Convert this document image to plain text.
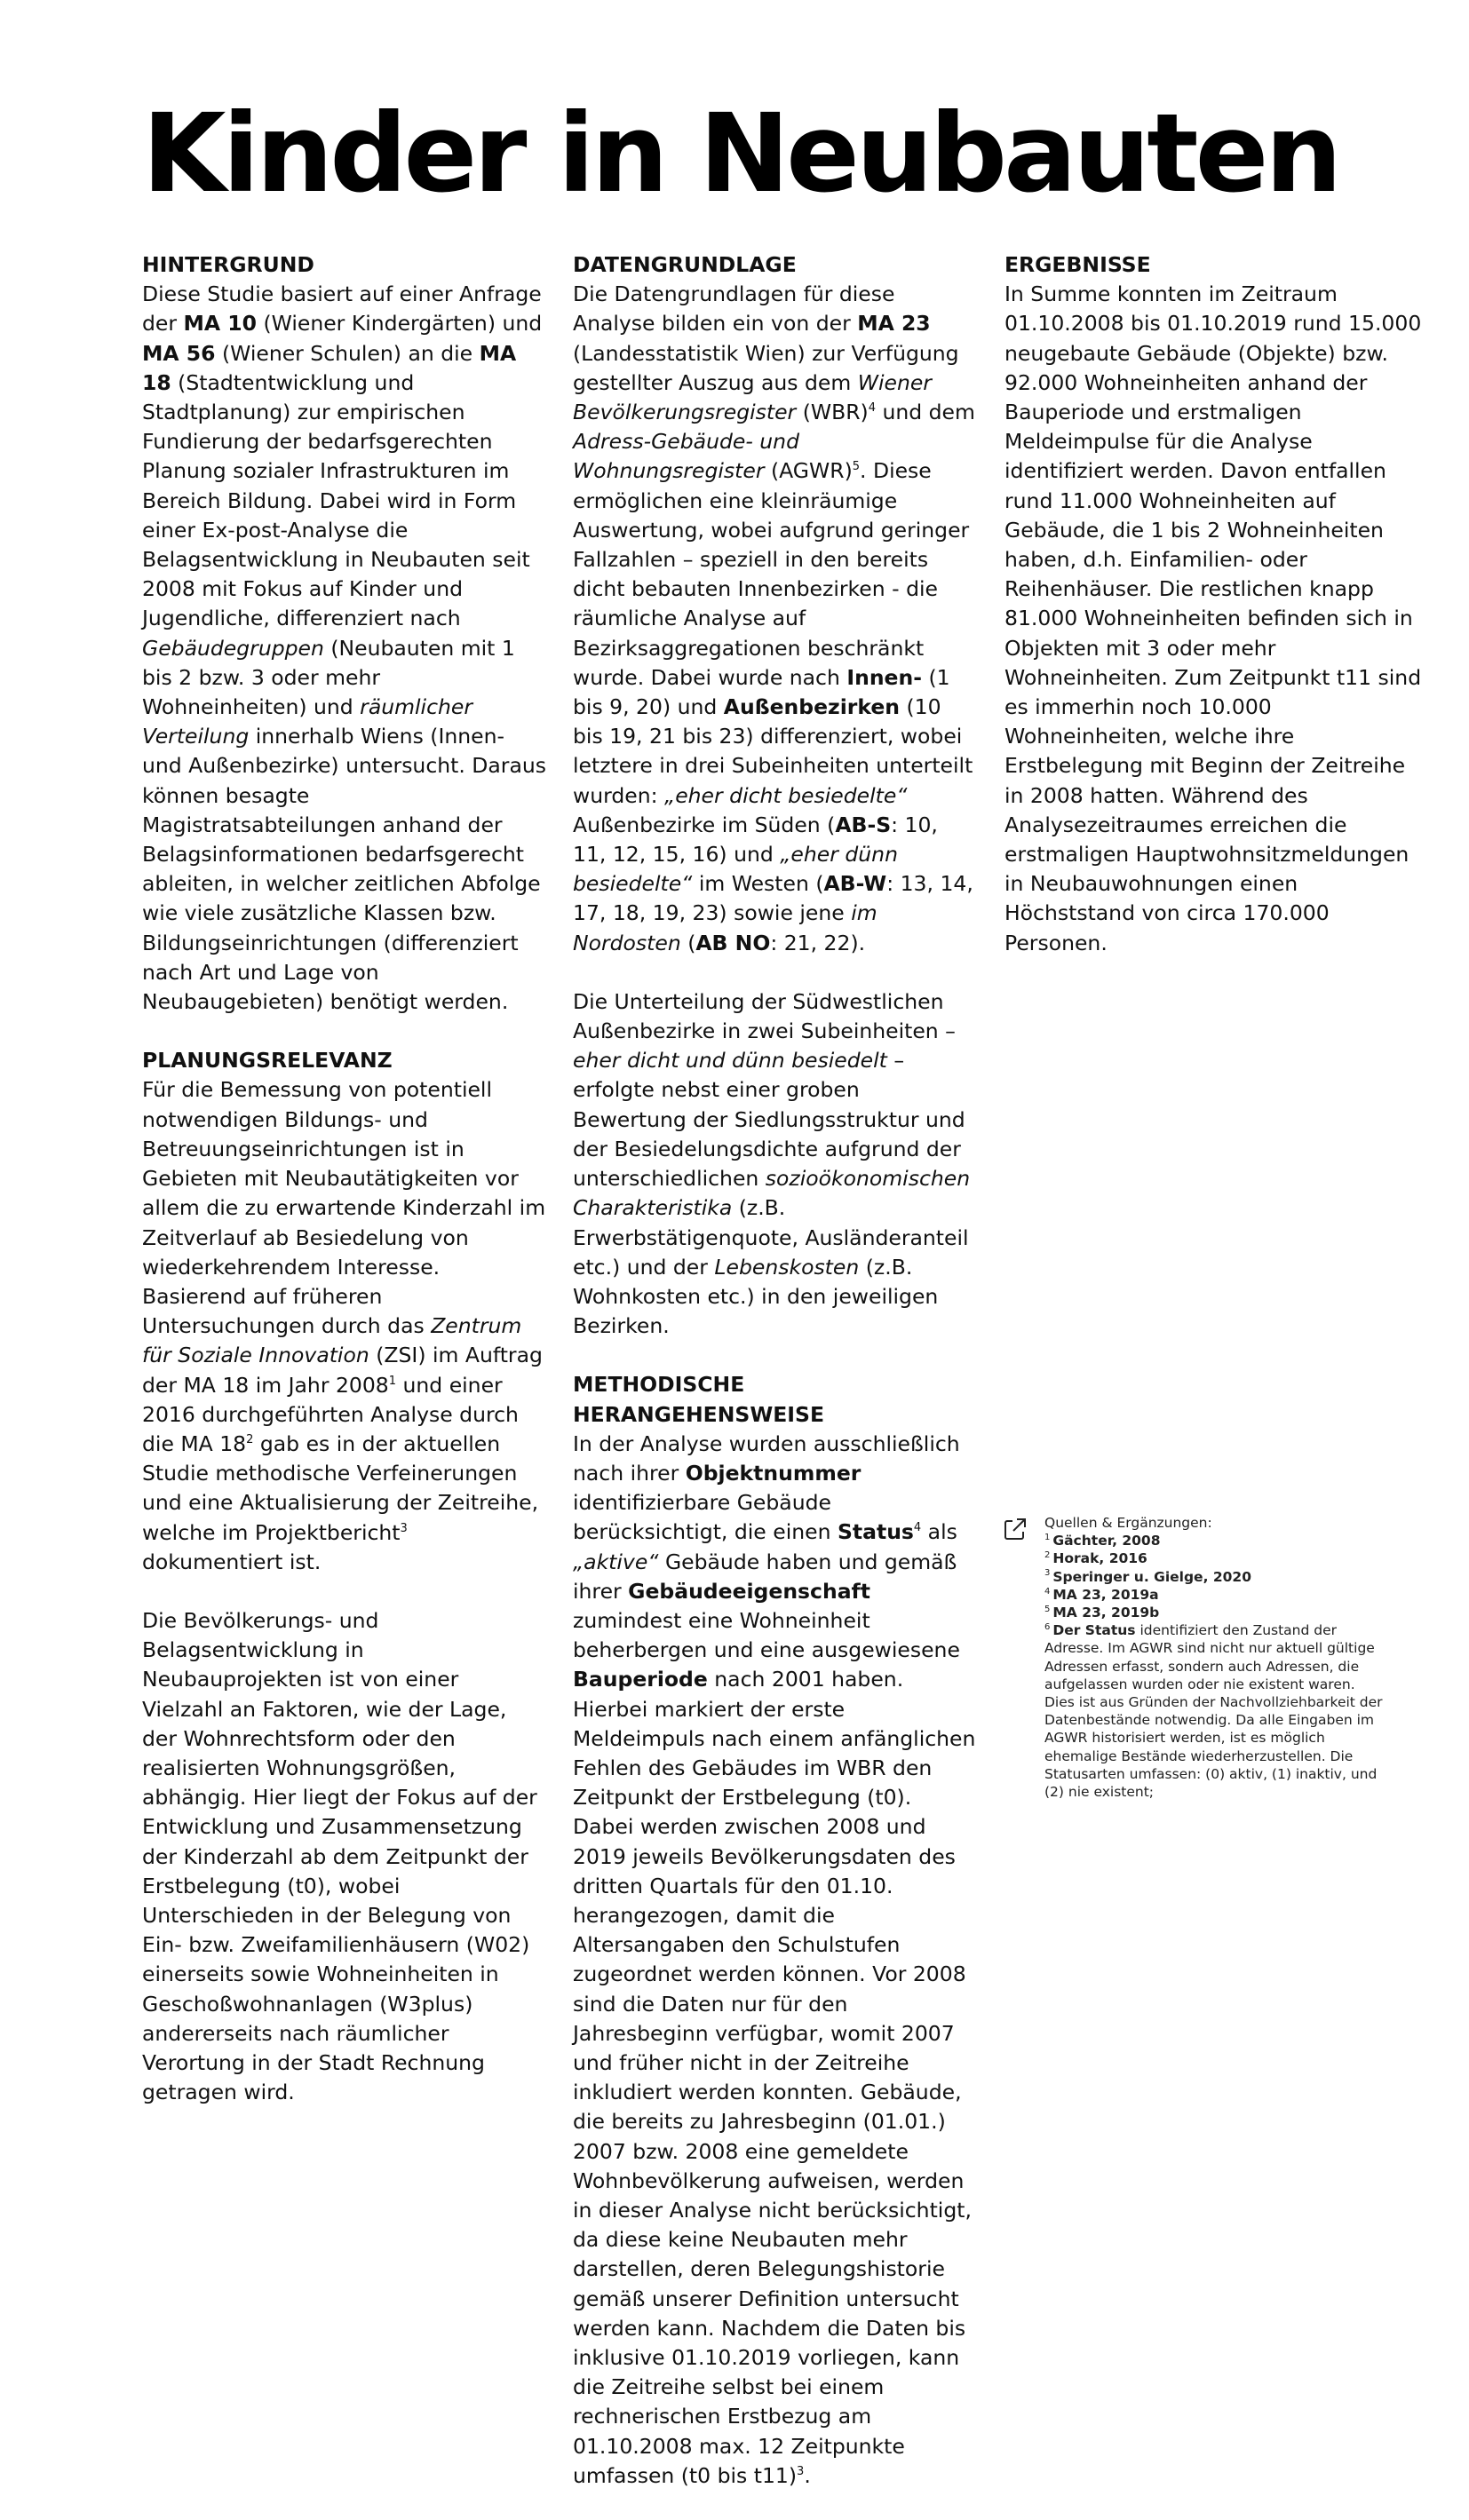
Kinder in Neubauten
HINTERGRUND

Diese Studie basiert auf einer Anfrage der MA 10 (Wiener Kindergärten) und MA 56 (Wiener Schulen) an die MA 18 (Stadtentwicklung und Stadtplanung) zur empirischen Fundierung der bedarfsgerechten Planung sozialer Infrastrukturen im Bereich Bildung. Dabei wird in Form einer Ex-post-Analyse die Belagsentwicklung in Neubauten seit 2008 mit Fokus auf Kinder und Jugendliche, differenziert nach Gebäudegruppen (Neubauten mit 1 bis 2 bzw. 3 oder mehr Wohneinheiten) und räumlicher Verteilung innerhalb Wiens (Innen- und Außenbezirke) untersucht. Daraus können besagte Magistratsabteilungen anhand der Belagsinformationen bedarfsgerecht ableiten, in welcher zeitlichen Abfolge wie viele zusätzliche Klassen bzw. Bildungseinrichtungen (differenziert nach Art und Lage von Neubaugebieten) benötigt werden.

PLANUNGSRELEVANZ

Für die Bemessung von potentiell notwendigen Bildungs- und Betreuungseinrichtungen ist in Gebieten mit Neubautätigkeiten vor allem die zu erwartende Kinderzahl im Zeitverlauf ab Besiedelung von wiederkehrendem Interesse. Basierend auf früheren Untersuchungen durch das Zentrum für Soziale Innovation (ZSI) im Auftrag der MA 18 im Jahr 2008$^1$ und einer 2016 durchgeführten Analyse durch die MA $18^2$ gab es in der aktuellen Studie methodische Verfeinerungen und eine Aktualisierung der Zeitreihe, welche im Projektbericht$^3$ dokumentiert ist.

Die Bevölkerungs- und Belagsentwicklung in Neubauprojekten ist von einer Vielzahl an Faktoren, wie der Lage, der Wohnrechtsform oder den realisierten Wohnungsgrößen, abhängig. Hier liegt der Fokus auf der Entwicklung und Zusammensetzung der Kinderzahl ab dem Zeitpunkt der Erstbelegung (t0), wobei Unterschieden in der Belegung von Ein- bzw. Zweifamilienhäusern (W02) einerseits sowie Wohneinheiten in Geschoßwohnanlagen (W3plus) andererseits nach räumlicher Verortung in der Stadt Rechnung getragen wird.

DATENGRUNDLAGE

Die Datengrundlagen für diese Analyse bilden ein von der MA 23 (Landesstatistik Wien) zur Verfügung gestellter Auszug aus dem Wiener Bevölkerungsregister (WBR)$^4$ und dem Adress-Gebäude- und Wohnungsregister (AGWR)$^5$. Diese ermöglichen eine kleinräumige Auswertung, wobei aufgrund geringer Fallzahlen – speziell in den bereits dicht bebauten Innenbezirken - die räumliche Analyse auf Bezirksaggregationen beschränkt wurde. Dabei wurde nach Innen- (1 bis 9, 20) und Außenbezirken (10 bis 19, 21 bis 23) differenziert, wobei letztere in drei Subeinheiten unterteilt wurden: „eher dicht besiedelte“ Außenbezirke im Süden (AB-S: 10, 11, 12, 15, 16) und „eher dünn besiedelte“ im Westen (AB-W: 13, 14, 17, 18, 19, 23) sowie jene im Nordosten (AB NO: 21, 22).

Die Unterteilung der Südwestlichen Außenbezirke in zwei Subeinheiten – eher dicht und dünn besiedelt – erfolgte nebst einer groben Bewertung der Siedlungsstruktur und der Besiedelungsdichte aufgrund der unterschiedlichen sozioökonomischen Charakteristika (z.B. Erwerbstätigenquote, Ausländeranteil etc.) und der Lebenskosten (z.B. Wohnkosten etc.) in den jeweiligen Bezirken.

METHODISCHE HERANGEHENSWEISE

In der Analyse wurden ausschließlich nach ihrer Objektnummer identifizierbare Gebäude berücksichtigt, die einen Status$^4$ als „aktive“ Gebäude haben und gemäß ihrer Gebäudeeigenschaft zumindest eine Wohneinheit beherbergen und eine ausgewiesene Bauperiode nach 2001 haben. Hierbei markiert der erste Meldeimpuls nach einem anfänglichen Fehlen des Gebäudes im WBR den Zeitpunkt der Erstbelegung (t0). Dabei werden zwischen 2008 und 2019 jeweils Bevölkerungsdaten des dritten Quartals für den 01.10. herangezogen, damit die Altersangaben den Schulstufen zugeordnet werden können. Vor 2008 sind die Daten nur für den Jahresbeginn verfügbar, womit 2007 und früher nicht in der Zeitreihe inkludiert werden konnten. Gebäude, die bereits zu Jahresbeginn (01.01.) 2007 bzw. 2008 eine gemeldete Wohnbevölkerung aufweisen, werden in dieser Analyse nicht berücksichtigt, da diese keine Neubauten mehr darstellen, deren Belegungshistorie gemäß unserer Definition untersucht werden kann. Nachdem die Daten bis inklusive 01.10.2019 vorliegen, kann die Zeitreihe selbst bei einem rechnerischen Erstbezug am 01.10.2008 max. 12 Zeitpunkte umfassen (t0 bis t11)$^3$.

ERGEBNISSE

In Summe konnten im Zeitraum 01.10.2008 bis 01.10.2019 rund 15.000 neugebaute Gebäude (Objekte) bzw. 92.000 Wohneinheiten anhand der Bauperiode und erstmaligen Meldeimpulse für die Analyse identifiziert werden. Davon entfallen rund 11.000 Wohneinheiten auf Gebäude, die 1 bis 2 Wohneinheiten haben, d.h. Einfamilien- oder Reihenhäuser. Die restlichen knapp 81.000 Wohneinheiten befinden sich in Objekten mit 3 oder mehr Wohneinheiten. Zum Zeitpunkt t11 sind es immerhin noch 10.000 Wohneinheiten, welche ihre Erstbelegung mit Beginn der Zeitreihe in 2008 hatten. Während des Analysezeitraumes erreichen die erstmaligen Hauptwohnsitzmeldungen in Neubauwohnungen einen Höchststand von circa 170.000 Personen.

Quellen & Ergänzungen:
$^1$ Gächter, 2008
$^2$ Horak, 2016
$^3$ Speringer u. Gielge, 2020
$^4$ MA 23, 2019a
$^5$ MA 23, 2019b
$^6$ Der Status identifiziert den Zustand der Adresse. Im AGWR sind nicht nur aktuell gültige Adressen erfasst, sondern auch Adressen, die aufgelassen wurden oder nie existent waren. Dies ist aus Gründen der Nachvollziehbarkeit der Datenbestände notwendig. Da alle Eingaben im AGWR historisiert werden, ist es möglich ehemalige Bestände wiederherzustellen. Die Statusarten umfassen: (0) aktiv, (1) inaktiv, und (2) nie existent;
